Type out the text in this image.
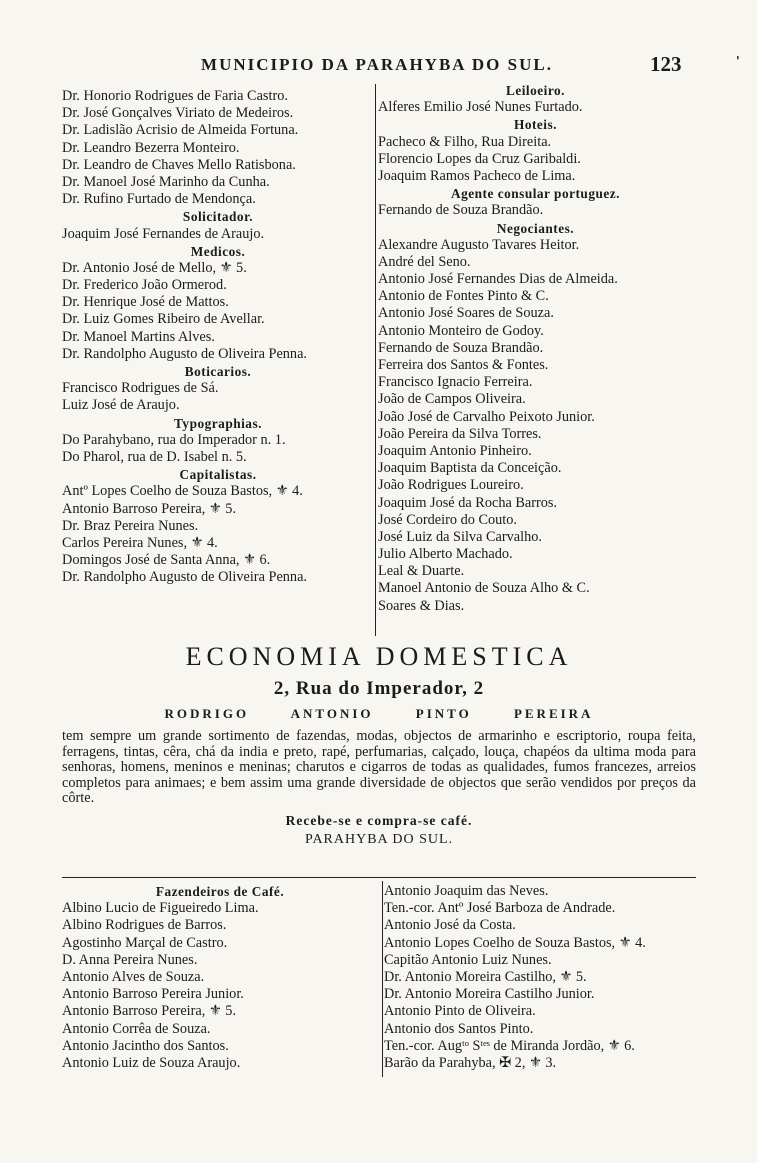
MUNICIPIO DA PARAHYBA DO SUL.	123	'
Dr. Honorio Rodrigues de Faria Castro.
Dr. José Gonçalves Viriato de Medeiros.
Dr. Ladislão Acrisio de Almeida Fortuna.
Dr. Leandro Bezerra Monteiro.
Dr. Leandro de Chaves Mello Ratisbona.
Dr. Manoel José Marinho da Cunha.
Dr. Rufino Furtado de Mendonça.
Solicitador.
Joaquim José Fernandes de Araujo.
Medicos.
Dr. Antonio José de Mello, ⚜ 5.
Dr. Frederico João Ormerod.
Dr. Henrique José de Mattos.
Dr. Luiz Gomes Ribeiro de Avellar.
Dr. Manoel Martins Alves.
Dr. Randolpho Augusto de Oliveira Penna.
Boticarios.
Francisco Rodrigues de Sá.
Luiz José de Araujo.
Typographias.
Do Parahybano, rua do Imperador n. 1.
Do Pharol, rua de D. Isabel n. 5.
Capitalistas.
Antº Lopes Coelho de Souza Bastos, ⚜ 4.
Antonio Barroso Pereira, ⚜ 5.
Dr. Braz Pereira Nunes.
Carlos Pereira Nunes, ⚜ 4.
Domingos José de Santa Anna, ⚜ 6.
Dr. Randolpho Augusto de Oliveira Penna.
Leiloeiro.
Alferes Emilio José Nunes Furtado.
Hoteis.
Pacheco & Filho, Rua Direita.
Florencio Lopes da Cruz Garibaldi.
Joaquim Ramos Pacheco de Lima.
Agente consular portuguez.
Fernando de Souza Brandão.
Negociantes.
Alexandre Augusto Tavares Heitor.
André del Seno.
Antonio José Fernandes Dias de Almeida.
Antonio de Fontes Pinto & C.
Antonio José Soares de Souza.
Antonio Monteiro de Godoy.
Fernando de Souza Brandão.
Ferreira dos Santos & Fontes.
Francisco Ignacio Ferreira.
João de Campos Oliveira.
João José de Carvalho Peixoto Junior.
João Pereira da Silva Torres.
Joaquim Antonio Pinheiro.
Joaquim Baptista da Conceição.
João Rodrigues Loureiro.
Joaquim José da Rocha Barros.
José Cordeiro do Couto.
José Luiz da Silva Carvalho.
Julio Alberto Machado.
Leal & Duarte.
Manoel Antonio de Souza Alho & C.
Soares & Dias.
ECONOMIA DOMESTICA
2, Rua do Imperador, 2
RODRIGO ANTONIO PINTO PEREIRA
tem sempre um grande sortimento de fazendas, modas, objectos de armarinho e escriptorio, roupa feita, ferragens, tintas, cêra, chá da india e preto, rapé, perfumarias, calçado, louça, chapéos da ultima moda para senhoras, homens, meninos e meninas; charutos e cigarros de todas as qualidades, fumos francezes, arreios completos para animaes; e bem assim uma grande diversidade de objectos que serão vendidos por preços da côrte.
Recebe-se e compra-se café.
PARAHYBA DO SUL.
Fazendeiros de Café.
Albino Lucio de Figueiredo Lima.
Albino Rodrigues de Barros.
Agostinho Marçal de Castro.
D. Anna Pereira Nunes.
Antonio Alves de Souza.
Antonio Barroso Pereira Junior.
Antonio Barroso Pereira, ⚜ 5.
Antonio Corrêa de Souza.
Antonio Jacintho dos Santos.
Antonio Luiz de Souza Araujo.
Antonio Joaquim das Neves.
Ten.-cor. Antº José Barboza de Andrade.
Antonio José da Costa.
Antonio Lopes Coelho de Souza Bastos, ⚜ 4.
Capitão Antonio Luiz Nunes.
Dr. Antonio Moreira Castilho, ⚜ 5.
Dr. Antonio Moreira Castilho Junior.
Antonio Pinto de Oliveira.
Antonio dos Santos Pinto.
Ten.-cor. Augᵗᵒ Sᵗᵉˢ de Miranda Jordão, ⚜ 6.
Barão da Parahyba, ✠ 2, ⚜ 3.
